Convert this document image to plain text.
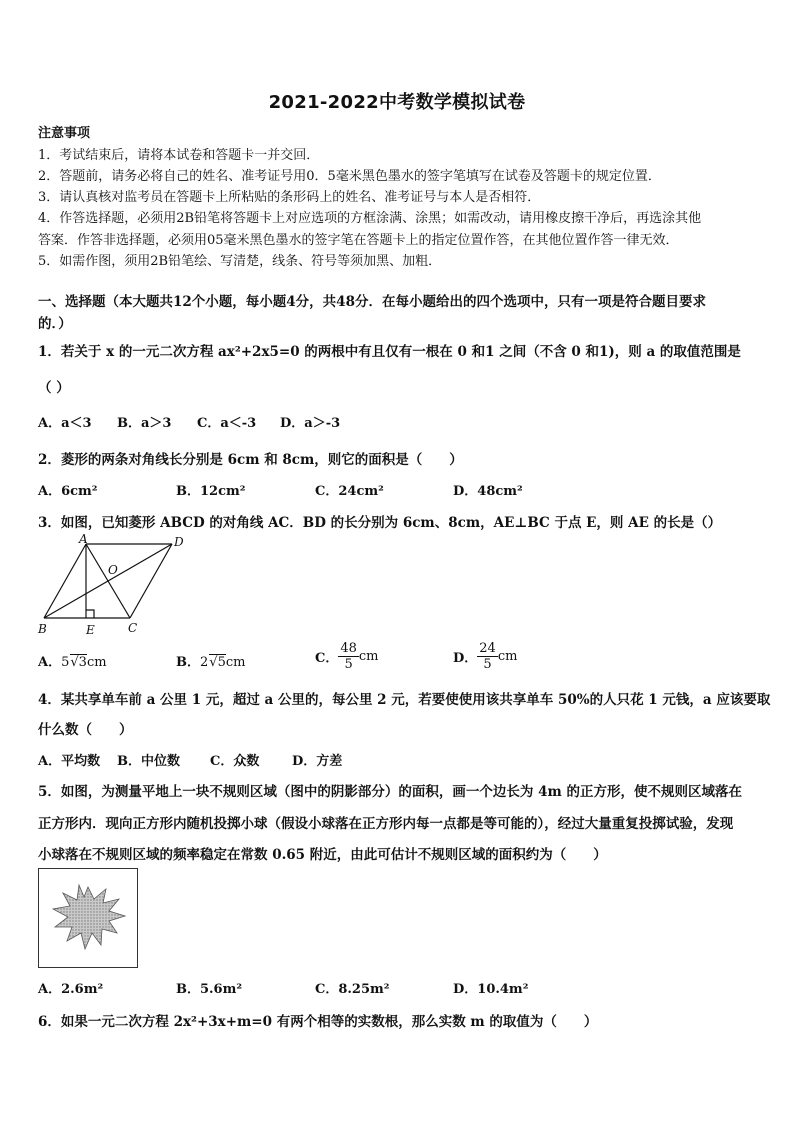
2021-2022中考数学模拟试卷
注意事项
1．考试结束后，请将本试卷和答题卡一并交回．
2．答题前，请务必将自己的姓名、准考证号用0．5毫米黑色墨水的签字笔填写在试卷及答题卡的规定位置．
3．请认真核对监考员在答题卡上所粘贴的条形码上的姓名、准考证号与本人是否相符．
4．作答选择题，必须用2B铅笔将答题卡上对应选项的方框涂满、涂黑；如需改动，请用橡皮擦干净后，再选涂其他
答案．作答非选择题，必须用05毫米黑色墨水的签字笔在答题卡上的指定位置作答，在其他位置作答一律无效．
5．如需作图，须用2B铅笔绘、写清楚，线条、符号等须加黑、加粗．
一、选择题（本大题共12个小题，每小题4分，共48分．在每小题给出的四个选项中，只有一项是符合题目要求
的．）
1．若关于 x 的一元二次方程 ax²+2x5=0 的两根中有且仅有一根在 0 和1 之间（不含 0 和1)，则 a 的取值范围是
（ ）
A．a＜3 B．a＞3 C．a＜-3 D．a＞-3
2．菱形的两条对角线长分别是 6cm 和 8cm，则它的面积是（　　）
A．6cm²	B．12cm²	C．24cm²	D．48cm²
3．如图，已知菱形 ABCD 的对角线 AC．BD 的长分别为 6cm、8cm，AE⊥BC 于点 E，则 AE 的长是（）
A	D
O
B	E	C
A．5√3cm	B．2√5cm	C． $\frac{48}{5}$ cm	D． $\frac{24}{5}$ cm
4．某共享单车前 a 公里 1 元，超过 a 公里的，每公里 2 元，若要使使用该共享单车 50%的人只花 1 元钱，a 应该要取
什么数（　　）
A．平均数 B．中位数 C．众数	D．方差
5．如图，为测量平地上一块不规则区域（图中的阴影部分）的面积，画一个边长为 4m 的正方形，使不规则区域落在
正方形内．现向正方形内随机投掷小球（假设小球落在正方形内每一点都是等可能的），经过大量重复投掷试验，发现
小球落在不规则区域的频率稳定在常数 0.65 附近，由此可估计不规则区域的面积约为（　　）
A．2.6m²	B．5.6m²	C．8.25m²	D．10.4m²
6．如果一元二次方程 2x²+3x+m=0 有两个相等的实数根，那么实数 m 的取值为（　　）
